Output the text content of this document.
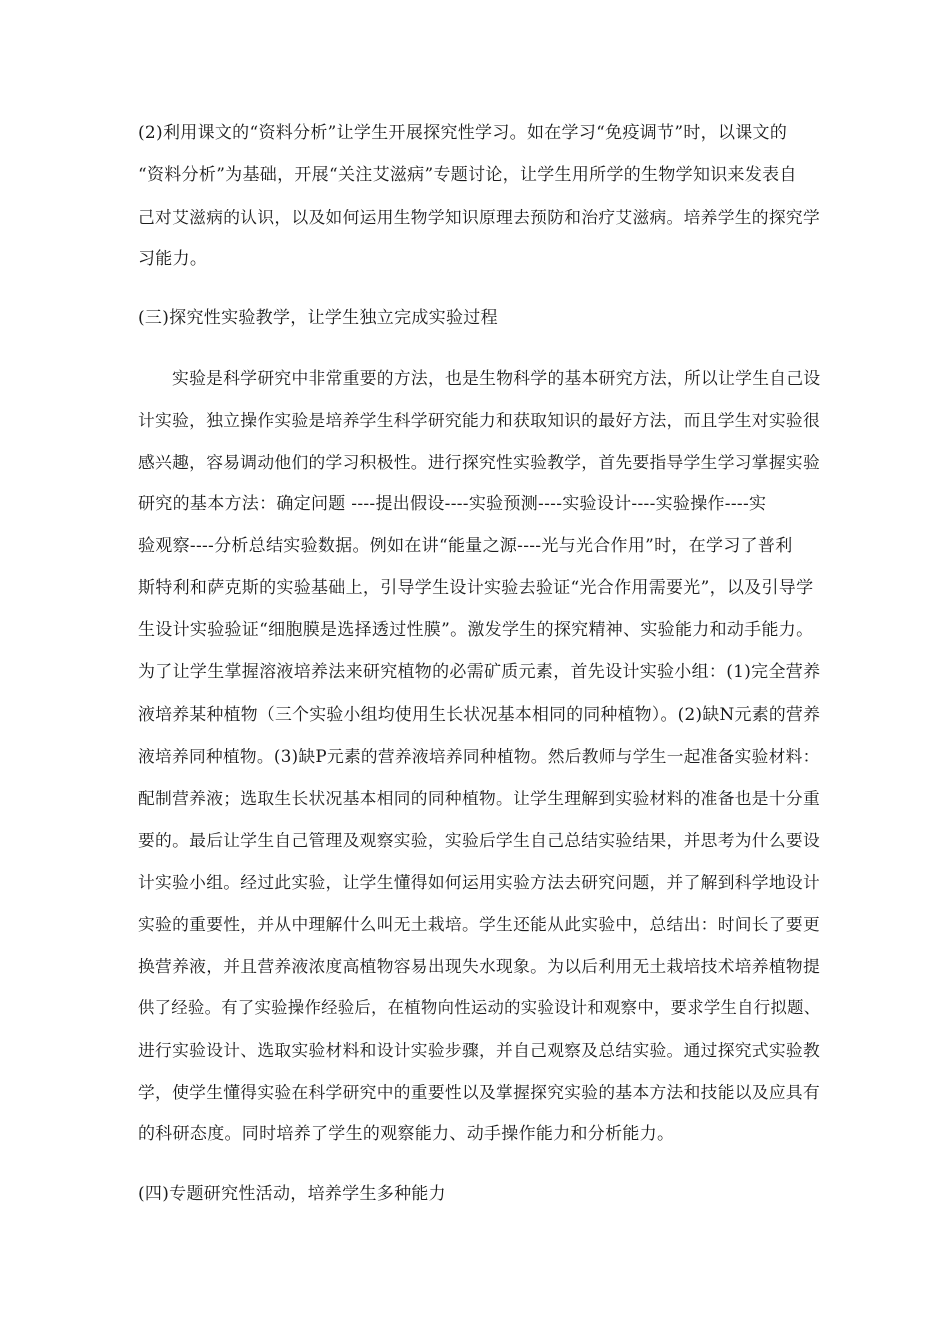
(2)利用课文的“资料分析”让学生开展探究性学习。如在学习“免疫调节”时，以课文的
“资料分析”为基础，开展“关注艾滋病”专题讨论，让学生用所学的生物学知识来发表自
己对艾滋病的认识，以及如何运用生物学知识原理去预防和治疗艾滋病。培养学生的探究学
习能力。
(三)探究性实验教学，让学生独立完成实验过程
实验是科学研究中非常重要的方法，也是生物科学的基本研究方法，所以让学生自己设
计实验，独立操作实验是培养学生科学研究能力和获取知识的最好方法，而且学生对实验很
感兴趣，容易调动他们的学习积极性。进行探究性实验教学，首先要指导学生学习掌握实验
研究的基本方法：确定问题 ----提出假设----实验预测----实验设计----实验操作----实
验观察----分析总结实验数据。例如在讲“能量之源----光与光合作用”时，在学习了普利
斯特利和萨克斯的实验基础上，引导学生设计实验去验证“光合作用需要光”，以及引导学
生设计实验验证“细胞膜是选择透过性膜”。激发学生的探究精神、实验能力和动手能力。
为了让学生掌握溶液培养法来研究植物的必需矿质元素，首先设计实验小组：(1)完全营养
液培养某种植物（三个实验小组均使用生长状况基本相同的同种植物）。(2)缺N元素的营养
液培养同种植物。(3)缺P元素的营养液培养同种植物。然后教师与学生一起准备实验材料：
配制营养液；选取生长状况基本相同的同种植物。让学生理解到实验材料的准备也是十分重
要的。最后让学生自己管理及观察实验，实验后学生自己总结实验结果，并思考为什么要设
计实验小组。经过此实验，让学生懂得如何运用实验方法去研究问题，并了解到科学地设计
实验的重要性，并从中理解什么叫无土栽培。学生还能从此实验中，总结出：时间长了要更
换营养液，并且营养液浓度高植物容易出现失水现象。为以后利用无土栽培技术培养植物提
供了经验。有了实验操作经验后，在植物向性运动的实验设计和观察中，要求学生自行拟题、
进行实验设计、选取实验材料和设计实验步骤，并自己观察及总结实验。通过探究式实验教
学，使学生懂得实验在科学研究中的重要性以及掌握探究实验的基本方法和技能以及应具有
的科研态度。同时培养了学生的观察能力、动手操作能力和分析能力。
(四)专题研究性活动，培养学生多种能力
